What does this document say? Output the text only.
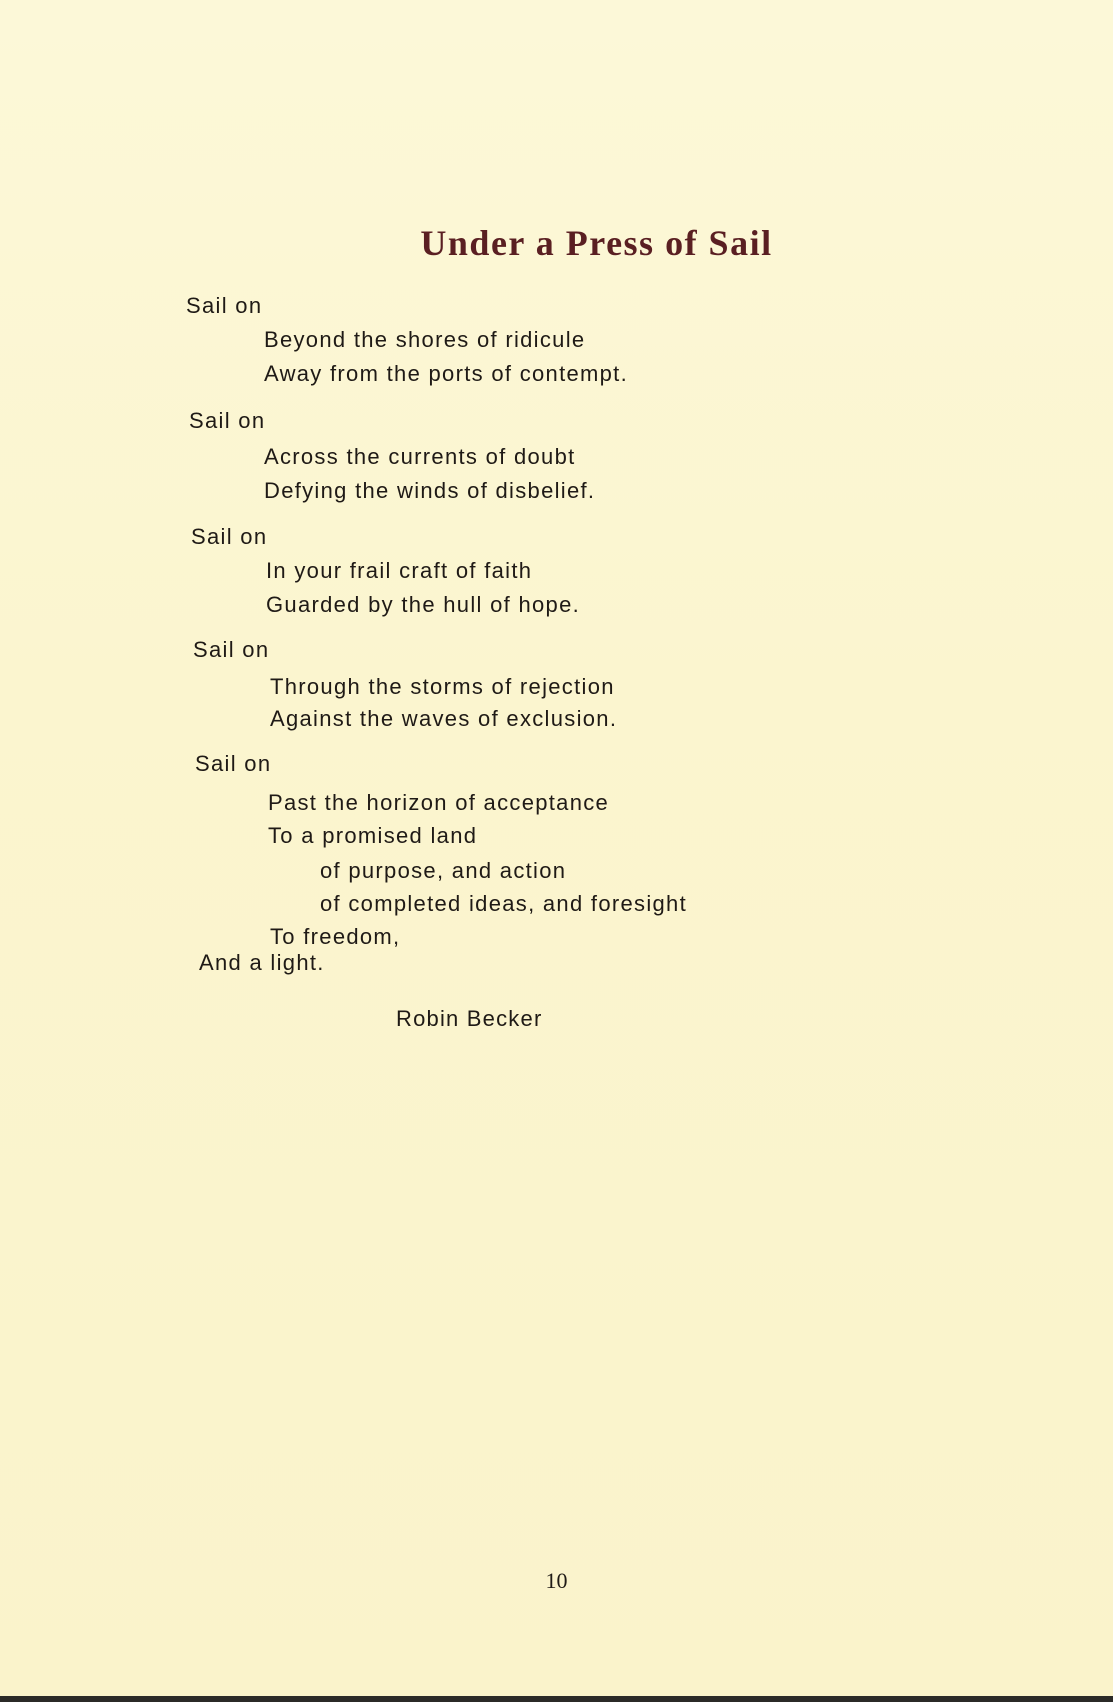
Under a Press of Sail

Sail on

Beyond the shores of ridicule

Away from the ports of contempt.

Sail on

Across the currents of doubt

Defying the winds of disbelief.

Sail on

In your frail craft of faith

Guarded by the hull of hope.

Sail on

Through the storms of rejection

Against the waves of exclusion.

Sail on

Past the horizon of acceptance

To a promised land

of purpose, and action

of completed ideas, and foresight

To freedom,

And a light.

Robin Becker

10
